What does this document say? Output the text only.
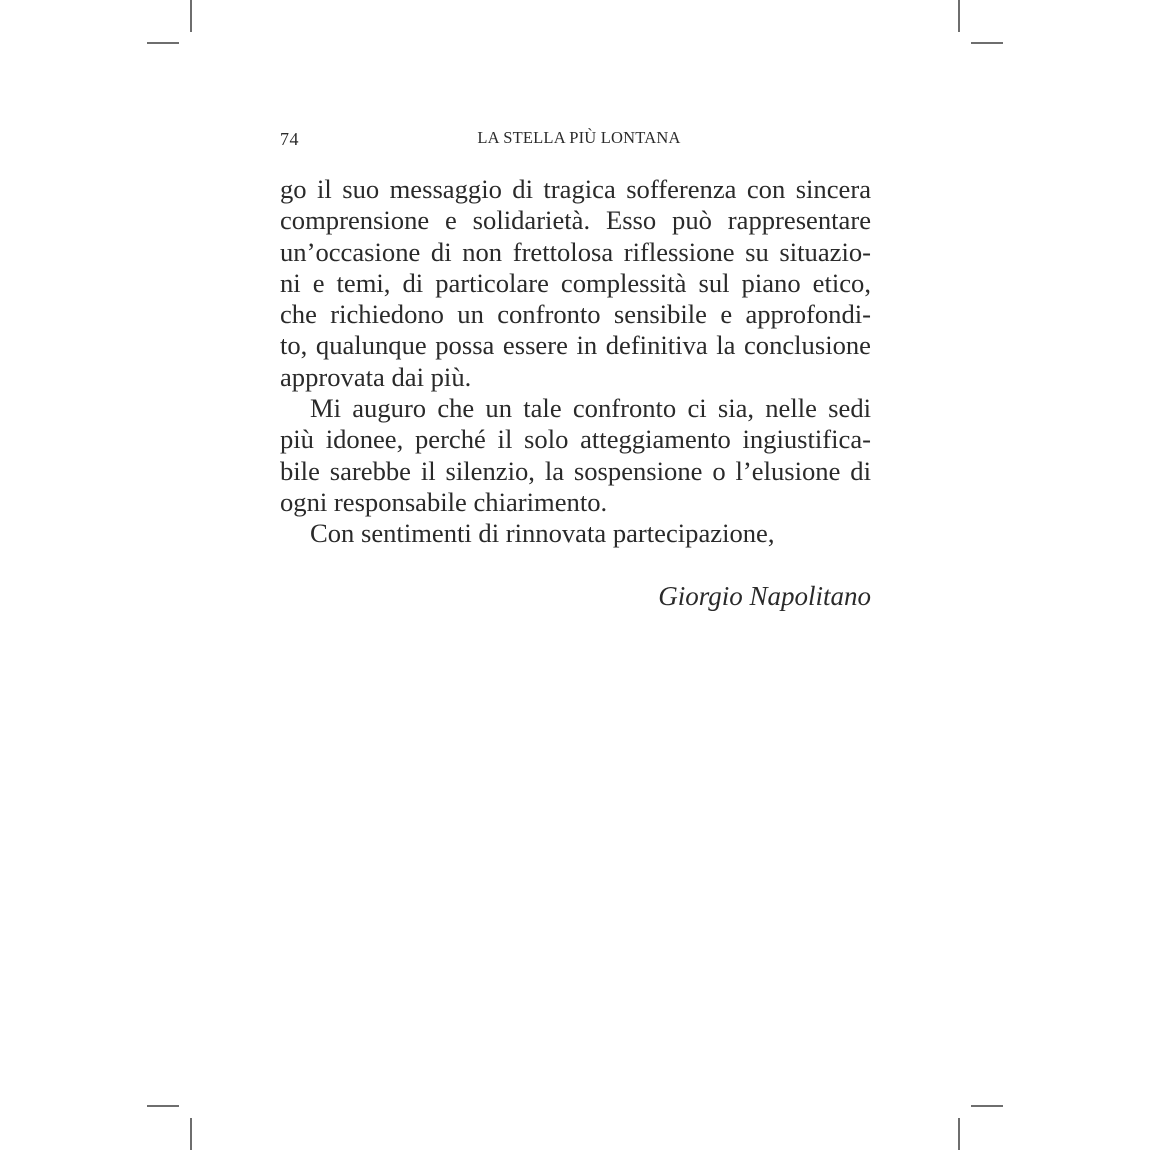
74	LA STELLA PIÙ LONTANA
go il suo messaggio di tragica sofferenza con sincera
comprensione e solidarietà. Esso può rappresentare
un’occasione di non frettolosa riflessione su situazio-
ni e temi, di particolare complessità sul piano etico,
che richiedono un confronto sensibile e approfondi-
to, qualunque possa essere in definitiva la conclusione
approvata dai più.
Mi auguro che un tale confronto ci sia, nelle sedi
più idonee, perché il solo atteggiamento ingiustifica-
bile sarebbe il silenzio, la sospensione o l’elusione di
ogni responsabile chiarimento.
Con sentimenti di rinnovata partecipazione,
Giorgio Napolitano
